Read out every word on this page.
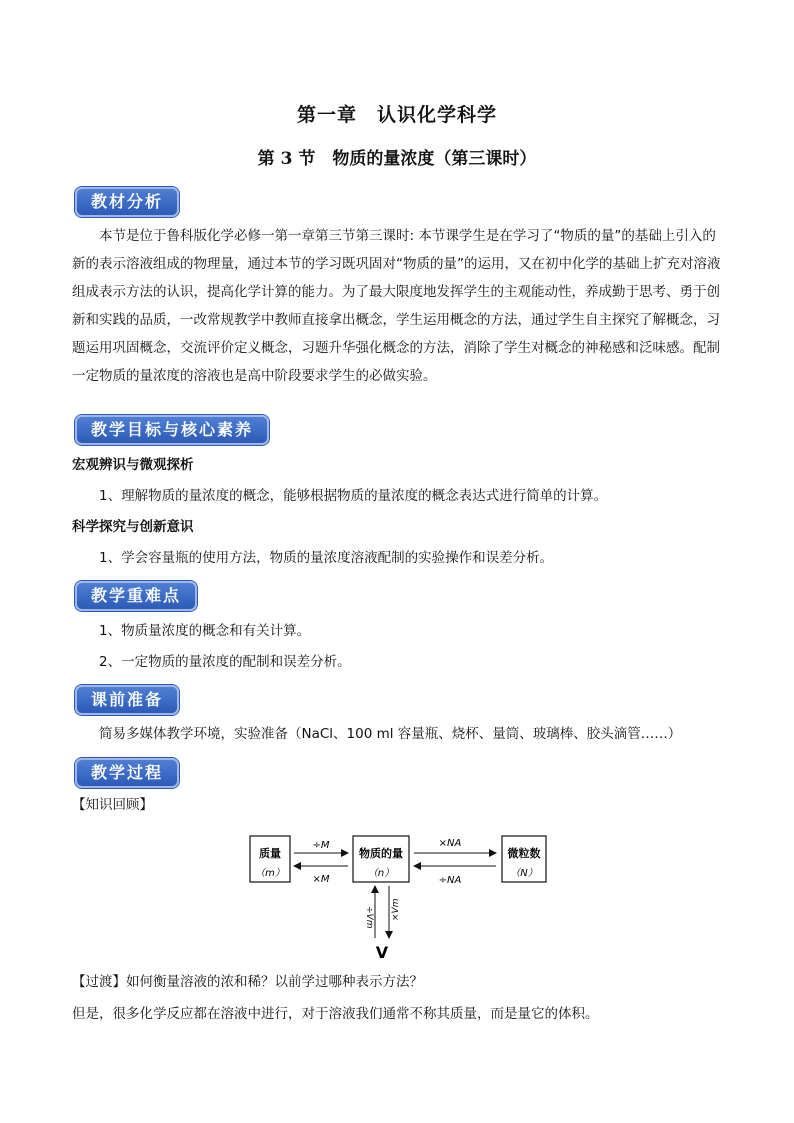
第一章　认识化学科学
第 3 节　物质的量浓度（第三课时）
教材分析
本节是位于鲁科版化学必修一第一章第三节第三课时: 本节课学生是在学习了“物质的量”的基础上引入的新的表示溶液组成的物理量，通过本节的学习既巩固对“物质的量”的运用，又在初中化学的基础上扩充对溶液组成表示方法的认识，提高化学计算的能力。为了最大限度地发挥学生的主观能动性，养成勤于思考、勇于创新和实践的品质，一改常规教学中教师直接拿出概念，学生运用概念的方法，通过学生自主探究了解概念，习题运用巩固概念，交流评价定义概念，习题升华强化概念的方法，消除了学生对概念的神秘感和泛味感。配制一定物质的量浓度的溶液也是高中阶段要求学生的必做实验。
教学目标与核心素养
宏观辨识与微观探析
1、理解物质的量浓度的概念，能够根据物质的量浓度的概念表达式进行简单的计算。
科学探究与创新意识
1、学会容量瓶的使用方法，物质的量浓度溶液配制的实验操作和误差分析。
教学重难点
1、物质量浓度的概念和有关计算。
2、一定物质的量浓度的配制和误差分析。
课前准备
简易多媒体教学环境，实验准备（NaCl、100 ml 容量瓶、烧杯、量筒、玻璃棒、胶头滴管……）
教学过程
【知识回顾】
质量
（m）
物质的量
（n）
微粒数
（N）
÷M
×M
×NA
÷NA
÷Vm ×Vm
V
【过渡】如何衡量溶液的浓和稀？以前学过哪种表示方法？
但是，很多化学反应都在溶液中进行，对于溶液我们通常不称其质量，而是量它的体积。
